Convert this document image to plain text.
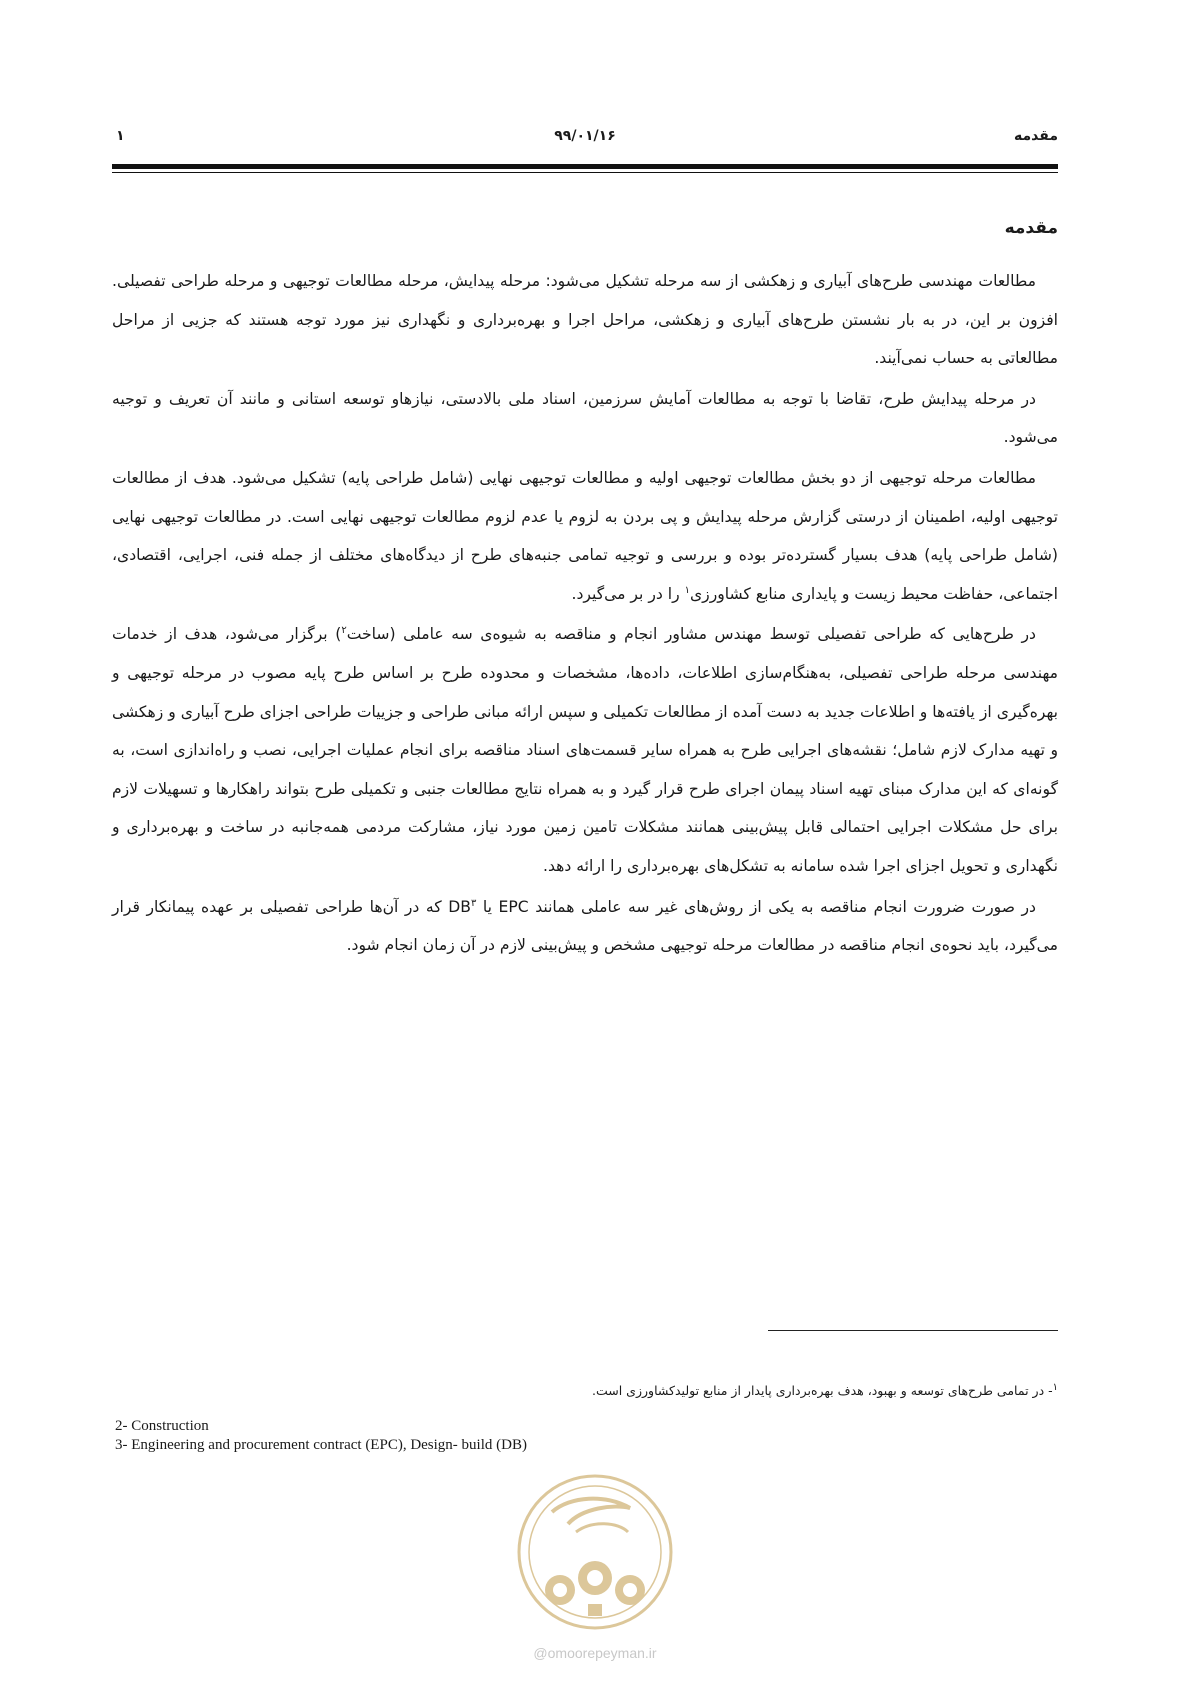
مقدمه
۹۹/۰۱/۱۶
۱
مقدمه

مطالعات مهندسی طرح‌های آبیاری و زهکشی از سه مرحله تشکیل می‌شود: مرحله پیدایش، مرحله مطالعات توجیهی و مرحله طراحی تفصیلی. افزون بر این، در به بار نشستن طرح‌های آبیاری و زهکشی، مراحل اجرا و بهره‌برداری و نگهداری نیز مورد توجه هستند که جزیی از مراحل مطالعاتی به حساب نمی‌آیند.

در مرحله پیدایش طرح، تقاضا با توجه به مطالعات آمایش سرزمین، اسناد ملی بالادستی، نیازهاو توسعه استانی و مانند آن تعریف و توجیه می‌شود.

مطالعات مرحله توجیهی از دو بخش مطالعات توجیهی اولیه و مطالعات توجیهی نهایی (شامل طراحی پایه) تشکیل می‌شود. هدف از مطالعات توجیهی اولیه، اطمینان از درستی گزارش مرحله پیدایش و پی بردن به لزوم یا عدم لزوم مطالعات توجیهی نهایی است. در مطالعات توجیهی نهایی (شامل طراحی پایه) هدف بسیار گسترده‌تر بوده و بررسی و توجیه تمامی جنبه‌های طرح از دیدگاه‌های مختلف از جمله فنی، اجرایی، اقتصادی، اجتماعی، حفاظت محیط زیست و پایداری منابع کشاورزی$^۱$ را در بر می‌گیرد.

در طرح‌هایی که طراحی تفصیلی توسط مهندس مشاور انجام و مناقصه به شیوه‌ی سه عاملی (ساخت$^۲$) برگزار می‌شود، هدف از خدمات مهندسی مرحله طراحی تفصیلی، به‌هنگام‌سازی اطلاعات، داده‌ها، مشخصات و محدوده طرح بر اساس طرح پایه مصوب در مرحله توجیهی و بهره‌گیری از یافته‌ها و اطلاعات جدید به دست آمده از مطالعات تکمیلی و سپس ارائه مبانی طراحی و جزییات طراحی اجزای طرح آبیاری و زهکشی و تهیه مدارک لازم شامل؛ نقشه‌های اجرایی طرح به همراه سایر قسمت‌های اسناد مناقصه برای انجام عملیات اجرایی، نصب و راه‌اندازی است، به گونه‌ای که این مدارک مبنای تهیه اسناد پیمان اجرای طرح قرار گیرد و به همراه نتایج مطالعات جنبی و تکمیلی طرح بتواند راهکارها و تسهیلات لازم برای حل مشکلات اجرایی احتمالی قابل پیش‌بینی همانند مشکلات تامین زمین مورد نیاز، مشارکت مردمی همه‌جانبه در ساخت و بهره‌برداری و نگهداری و تحویل اجزای اجرا شده سامانه به تشکل‌های بهره‌برداری را ارائه دهد.

در صورت ضرورت انجام مناقصه به یکی از روش‌های غیر سه عاملی همانند EPC یا $DB^۳$ که در آن‌ها طراحی تفصیلی بر عهده پیمانکار قرار می‌گیرد، باید نحوه‌ی انجام مناقصه در مطالعات مرحله توجیهی مشخص و پیش‌بینی لازم در آن زمان انجام شود.

$^۱$- در تمامی طرح‌های توسعه و بهبود، هدف بهره‌برداری پایدار از منابع تولیدکشاورزی است.
2- Construction
3- Engineering and procurement contract (EPC), Design- build (DB)
@omoorepeyman.ir
